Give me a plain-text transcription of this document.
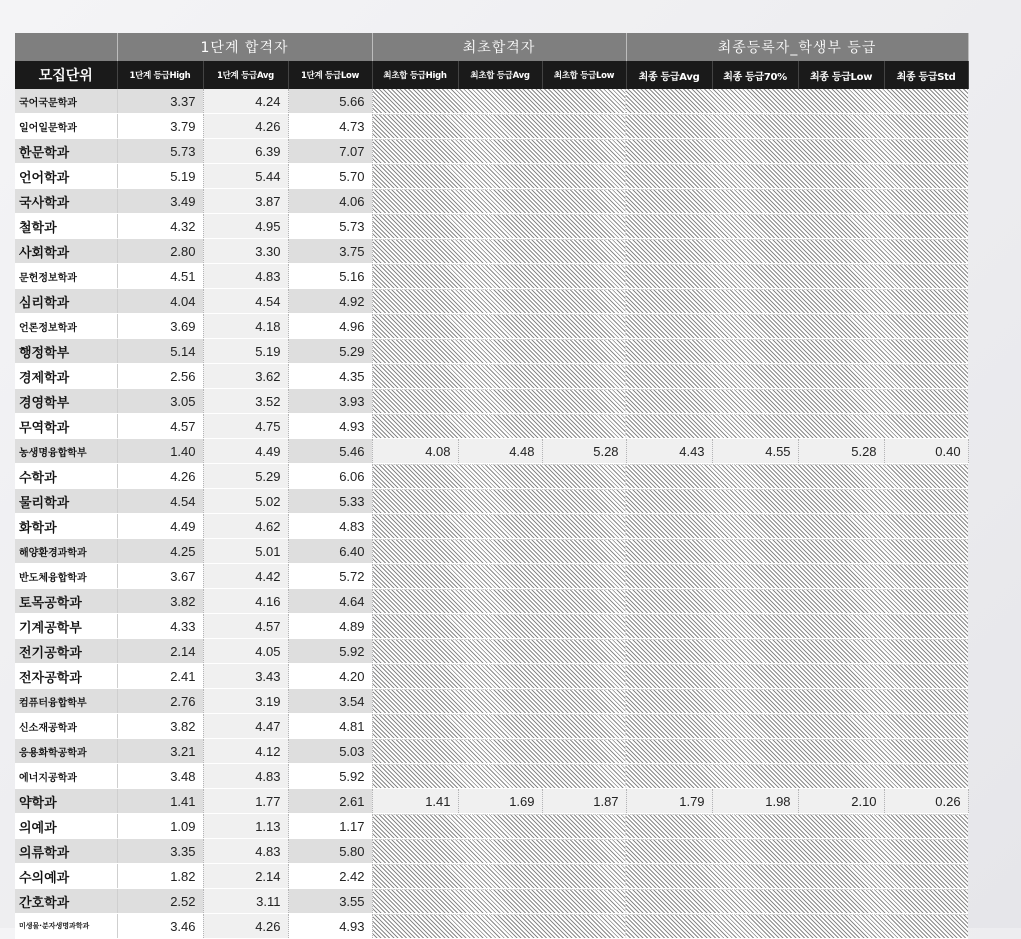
	1단계 합격자			최초합격자			최종등록자_학생부 등급			
모집단위	1단계 등급High	1단계 등급Avg	1단계 등급Low	최초합 등급High	최초합 등급Avg	최초합 등급Low	최종 등급Avg	최종 등급70%	최종 등급Low	최종 등급Std
국어국문학과	3.37	4.24	5.66							
일어일문학과	3.79	4.26	4.73							
한문학과	5.73	6.39	7.07							
언어학과	5.19	5.44	5.70							
국사학과	3.49	3.87	4.06							
철학과	4.32	4.95	5.73							
사회학과	2.80	3.30	3.75							
문헌정보학과	4.51	4.83	5.16							
심리학과	4.04	4.54	4.92							
언론정보학과	3.69	4.18	4.96							
행정학부	5.14	5.19	5.29							
경제학과	2.56	3.62	4.35							
경영학부	3.05	3.52	3.93							
무역학과	4.57	4.75	4.93							
농생명융합학부	1.40	4.49	5.46	4.08	4.48	5.28	4.43	4.55	5.28	0.40
수학과	4.26	5.29	6.06							
물리학과	4.54	5.02	5.33							
화학과	4.49	4.62	4.83							
해양환경과학과	4.25	5.01	6.40							
반도체융합학과	3.67	4.42	5.72							
토목공학과	3.82	4.16	4.64							
기계공학부	4.33	4.57	4.89							
전기공학과	2.14	4.05	5.92							
전자공학과	2.41	3.43	4.20							
컴퓨터융합학부	2.76	3.19	3.54							
신소재공학과	3.82	4.47	4.81							
응용화학공학과	3.21	4.12	5.03							
에너지공학과	3.48	4.83	5.92							
약학과	1.41	1.77	2.61	1.41	1.69	1.87	1.79	1.98	2.10	0.26
의예과	1.09	1.13	1.17							
의류학과	3.35	4.83	5.80							
수의예과	1.82	2.14	2.42							
간호학과	2.52	3.11	3.55							
미생물·분자생명과학과	3.46	4.26	4.93							
